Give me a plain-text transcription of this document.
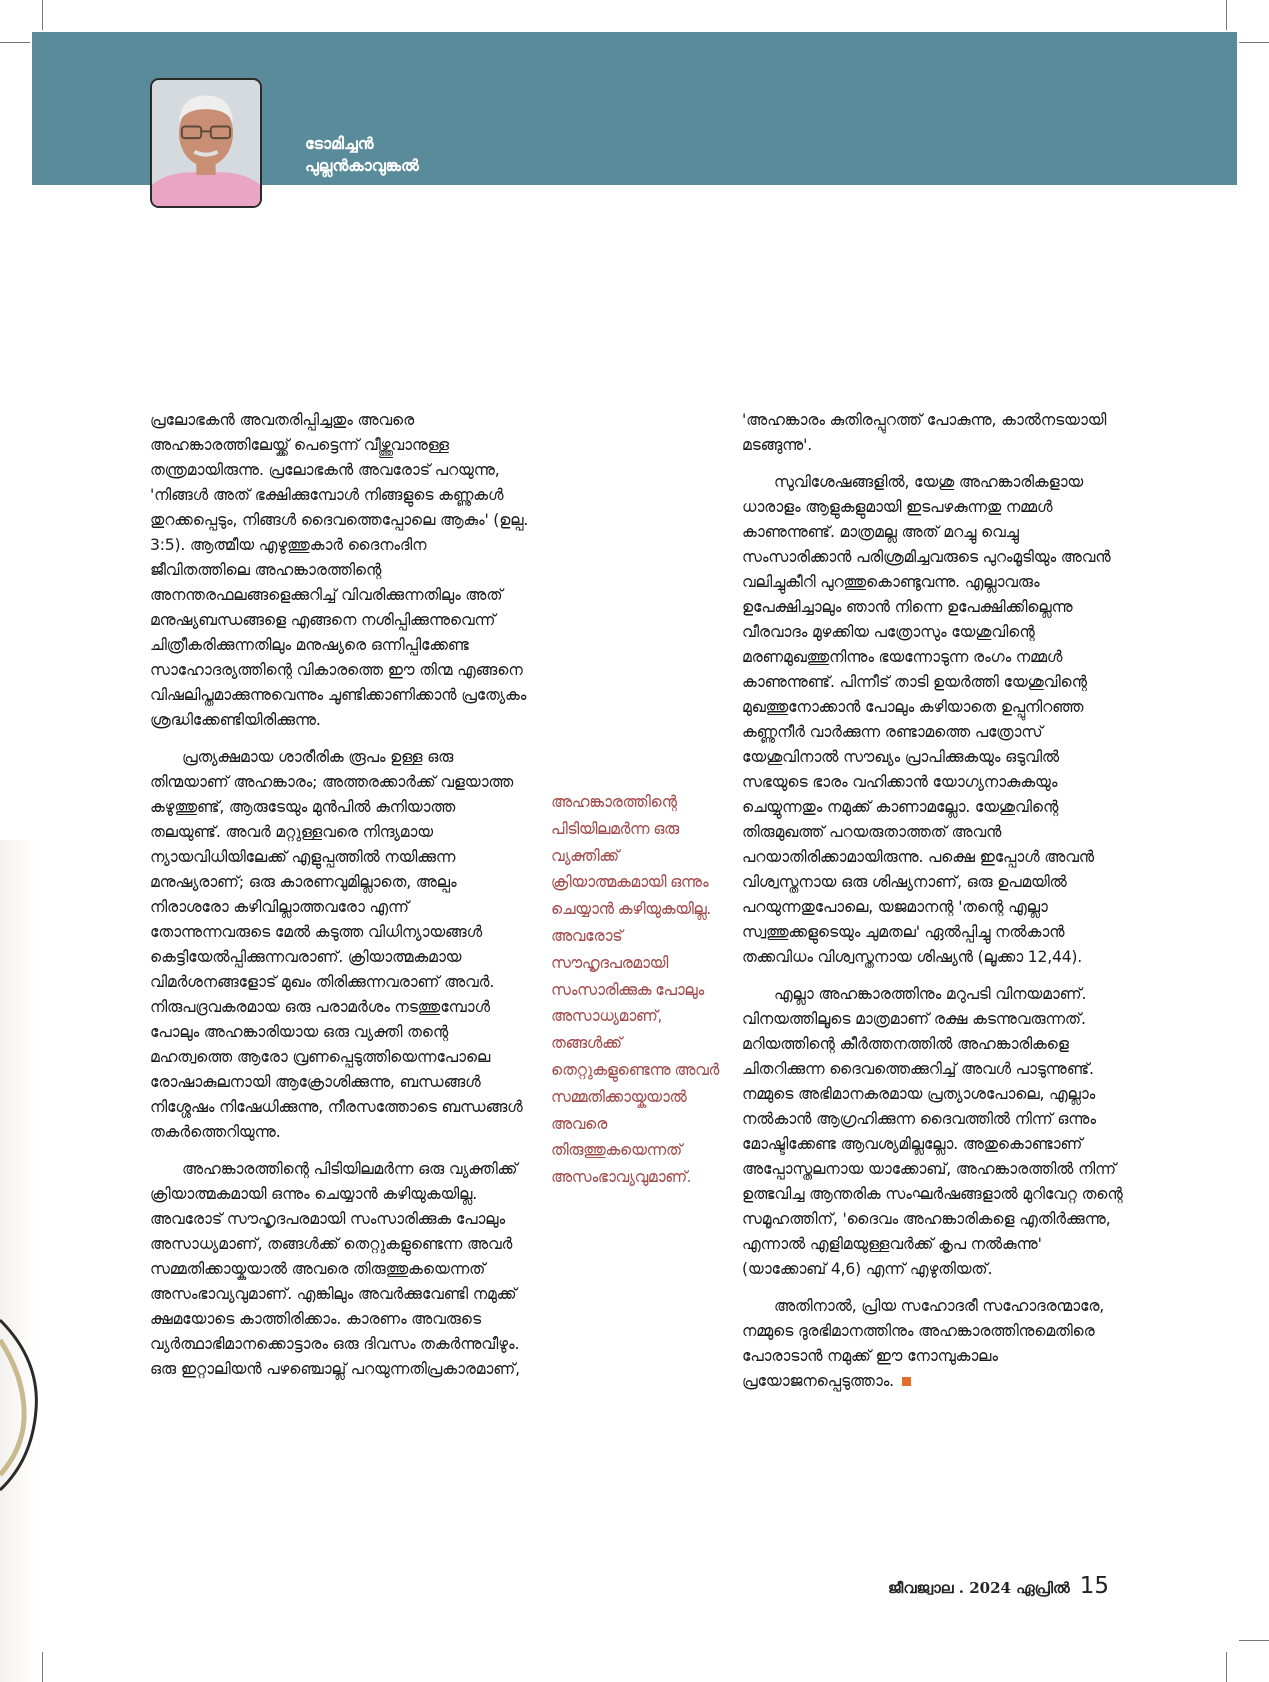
ടോമിച്ചൻ
പുല്ലൻകാവുങ്കൽ

പ്രലോഭകൻ അവതരിപ്പിച്ചതും അവരെ അഹങ്കാരത്തിലേയ്ക്ക് പെട്ടെന്ന് വീഴ്ത്തുവാനുള്ള തന്ത്രമായിരുന്നു. പ്രലോഭകൻ അവരോട് പറയുന്നു, 'നിങ്ങൾ അത് ഭക്ഷിക്കുമ്പോൾ നിങ്ങളുടെ കണ്ണുകൾ തുറക്കപ്പെടും, നിങ്ങൾ ദൈവത്തെപ്പോലെ ആകും' (ഉല്പ. 3:5). ആത്മീയ എഴുത്തുകാർ ദൈനംദിന ജീവിതത്തിലെ അഹങ്കാരത്തിന്റെ അനന്തരഫലങ്ങളെക്കുറിച്ച് വിവരിക്കുന്നതിലും അത് മനുഷ്യബന്ധങ്ങളെ എങ്ങനെ നശിപ്പിക്കുന്നുവെന്ന് ചിത്രീകരിക്കുന്നതിലും മനുഷ്യരെ ഒന്നിപ്പിക്കേണ്ട സാഹോദര്യത്തിന്റെ വികാരത്തെ ഈ തിന്മ എങ്ങനെ വിഷലിപ്തമാക്കുന്നുവെന്നും ചൂണ്ടിക്കാണിക്കാൻ പ്രത്യേകം ശ്രദ്ധിക്കേണ്ടിയിരിക്കുന്നു.

പ്രത്യക്ഷമായ ശാരീരിക രൂപം ഉള്ള ഒരു തിന്മയാണ് അഹങ്കാരം; അത്തരക്കാർക്ക് വളയാത്ത കഴുത്തുണ്ട്, ആരുടേയും മുൻപിൽ കുനിയാത്ത തലയുണ്ട്. അവർ മറ്റുള്ളവരെ നിന്ദ്യമായ ന്യായവിധിയിലേക്ക് എളുപ്പത്തിൽ നയിക്കുന്ന മനുഷ്യരാണ്; ഒരു കാരണവുമില്ലാതെ, അല്പം നിരാശരോ കഴിവില്ലാത്തവരോ എന്ന് തോന്നുന്നവരുടെ മേൽ കടുത്ത വിധിന്യായങ്ങൾ കെട്ടിയേൽപ്പിക്കുന്നവരാണ്. ക്രിയാത്മകമായ വിമർശനങ്ങളോട് മുഖം തിരിക്കുന്നവരാണ് അവർ. നിരുപദ്രവകരമായ ഒരു പരാമർശം നടത്തുമ്പോൾ പോലും അഹങ്കാരിയായ ഒരു വ്യക്തി തന്റെ മഹത്വത്തെ ആരോ വ്രണപ്പെടുത്തിയെന്നപോലെ രോഷാകുലനായി ആക്രോശിക്കുന്നു, ബന്ധങ്ങൾ നിശ്ശേഷം നിഷേധിക്കുന്നു, നീരസത്തോടെ ബന്ധങ്ങൾ തകർത്തെറിയുന്നു.

അഹങ്കാരത്തിന്റെ പിടിയിലമർന്ന ഒരു വ്യക്തിക്ക് ക്രിയാത്മകമായി ഒന്നും ചെയ്യാൻ കഴിയുകയില്ല. അവരോട് സൗഹൃദപരമായി സംസാരിക്കുക പോലും അസാധ്യമാണ്, തങ്ങൾക്ക് തെറ്റുകളുണ്ടെന്ന അവർ സമ്മതിക്കായ്കയാൽ അവരെ തിരുത്തുകയെന്നത് അസംഭാവ്യവുമാണ്. എങ്കിലും അവർക്കുവേണ്ടി നമുക്ക് ക്ഷമയോടെ കാത്തിരിക്കാം. കാരണം അവരുടെ വ്യർത്ഥാഭിമാനക്കൊട്ടാരം ഒരു ദിവസം തകർന്നുവീഴും. ഒരു ഇറ്റാലിയൻ പഴഞ്ചൊല്ല് പറയുന്നതിപ്രകാരമാണ്,

അഹങ്കാരത്തിന്റെ പിടിയിലമർന്ന ഒരു വ്യക്തിക്ക് ക്രിയാത്മകമായി ഒന്നും ചെയ്യാൻ കഴിയുകയില്ല. അവരോട് സൗഹൃദപരമായി സംസാരിക്കുക പോലും അസാധ്യമാണ്, തങ്ങൾക്ക് തെറ്റുകളുണ്ടെന്നു അവർ സമ്മതിക്കായ്കയാൽ അവരെ തിരുത്തുകയെന്നത് അസംഭാവ്യവുമാണ്.

'അഹങ്കാരം കുതിരപ്പുറത്ത് പോകുന്നു, കാൽനടയായി മടങ്ങുന്നു'.

സുവിശേഷങ്ങളിൽ, യേശു അഹങ്കാരികളായ ധാരാളം ആളുകളുമായി ഇടപഴകുന്നതു നമ്മൾ കാണുന്നുണ്ട്. മാത്രമല്ല അത് മറച്ചു വെച്ചു സംസാരിക്കാൻ പരിശ്രമിച്ചവരുടെ പുറംമൂടിയും അവൻ വലിച്ചുകീറി പുറത്തുകൊണ്ടുവന്നു. എല്ലാവരും ഉപേക്ഷിച്ചാലും ഞാൻ നിന്നെ ഉപേക്ഷിക്കില്ലെന്നു വീരവാദം മുഴക്കിയ പത്രോസും യേശുവിന്റെ മരണമുഖത്തുനിന്നും ഭയന്നോടുന്ന രംഗം നമ്മൾ കാണുന്നുണ്ട്. പിന്നീട് താടി ഉയർത്തി യേശുവിന്റെ മുഖത്തുനോക്കാൻ പോലും കഴിയാതെ ഉപ്പുനിറഞ്ഞ കണ്ണുനീർ വാർക്കുന്ന രണ്ടാമത്തെ പത്രോസ് യേശുവിനാൽ സൗഖ്യം പ്രാപിക്കുകയും ഒടുവിൽ സഭയുടെ ഭാരം വഹിക്കാൻ യോഗ്യനാകുകയും ചെയ്യുന്നതും നമുക്ക് കാണാമല്ലോ. യേശുവിന്റെ തിരുമുഖത്ത് പറയരുതാത്തത് അവൻ പറയാതിരിക്കാമായിരുന്നു. പക്ഷെ ഇപ്പോൾ അവൻ വിശ്വസ്തനായ ഒരു ശിഷ്യനാണ്, ഒരു ഉപമയിൽ പറയുന്നതുപോലെ, യജമാനന്റ 'തന്റെ എല്ലാ സ്വത്തുക്കളുടെയും ചുമതല' ഏൽപ്പിച്ചു നൽകാൻ തക്കവിധം വിശ്വസ്തനായ ശിഷ്യൻ (ലൂക്കാ 12,44).

എല്ലാ അഹങ്കാരത്തിനും മറുപടി വിനയമാണ്. വിനയത്തിലൂടെ മാത്രമാണ് രക്ഷ കടന്നുവരുന്നത്. മറിയത്തിന്റെ കീർത്തനത്തിൽ അഹങ്കാരികളെ ചിതറിക്കുന്ന ദൈവത്തെക്കുറിച്ച് അവൾ പാടുന്നുണ്ട്. നമ്മുടെ അഭിമാനകരമായ പ്രത്യാശപോലെ, എല്ലാം നൽകാൻ ആഗ്രഹിക്കുന്ന ദൈവത്തിൽ നിന്ന് ഒന്നും മോഷ്ടിക്കേണ്ട ആവശ്യമില്ലല്ലോ. അതുകൊണ്ടാണ് അപ്പോസ്തലനായ യാക്കോബ്, അഹങ്കാരത്തിൽ നിന്ന് ഉത്ഭവിച്ച ആന്തരിക സംഘർഷങ്ങളാൽ മുറിവേറ്റ തന്റെ സമൂഹത്തിന്, 'ദൈവം അഹങ്കാരികളെ എതിർക്കുന്നു, എന്നാൽ എളിമയുള്ളവർക്ക് കൃപ നൽകുന്നു' (യാക്കോബ് 4,6) എന്ന് എഴുതിയത്.

അതിനാൽ, പ്രിയ സഹോദരീ സഹോദരന്മാരേ, നമ്മുടെ ദുരഭിമാനത്തിനും അഹങ്കാരത്തിനുമെതിരെ പോരാടാൻ നമുക്ക് ഈ നോമ്പുകാലം പ്രയോജനപ്പെടുത്താം.

ജീവജ്വാല . 2024 ഏപ്രിൽ 15
